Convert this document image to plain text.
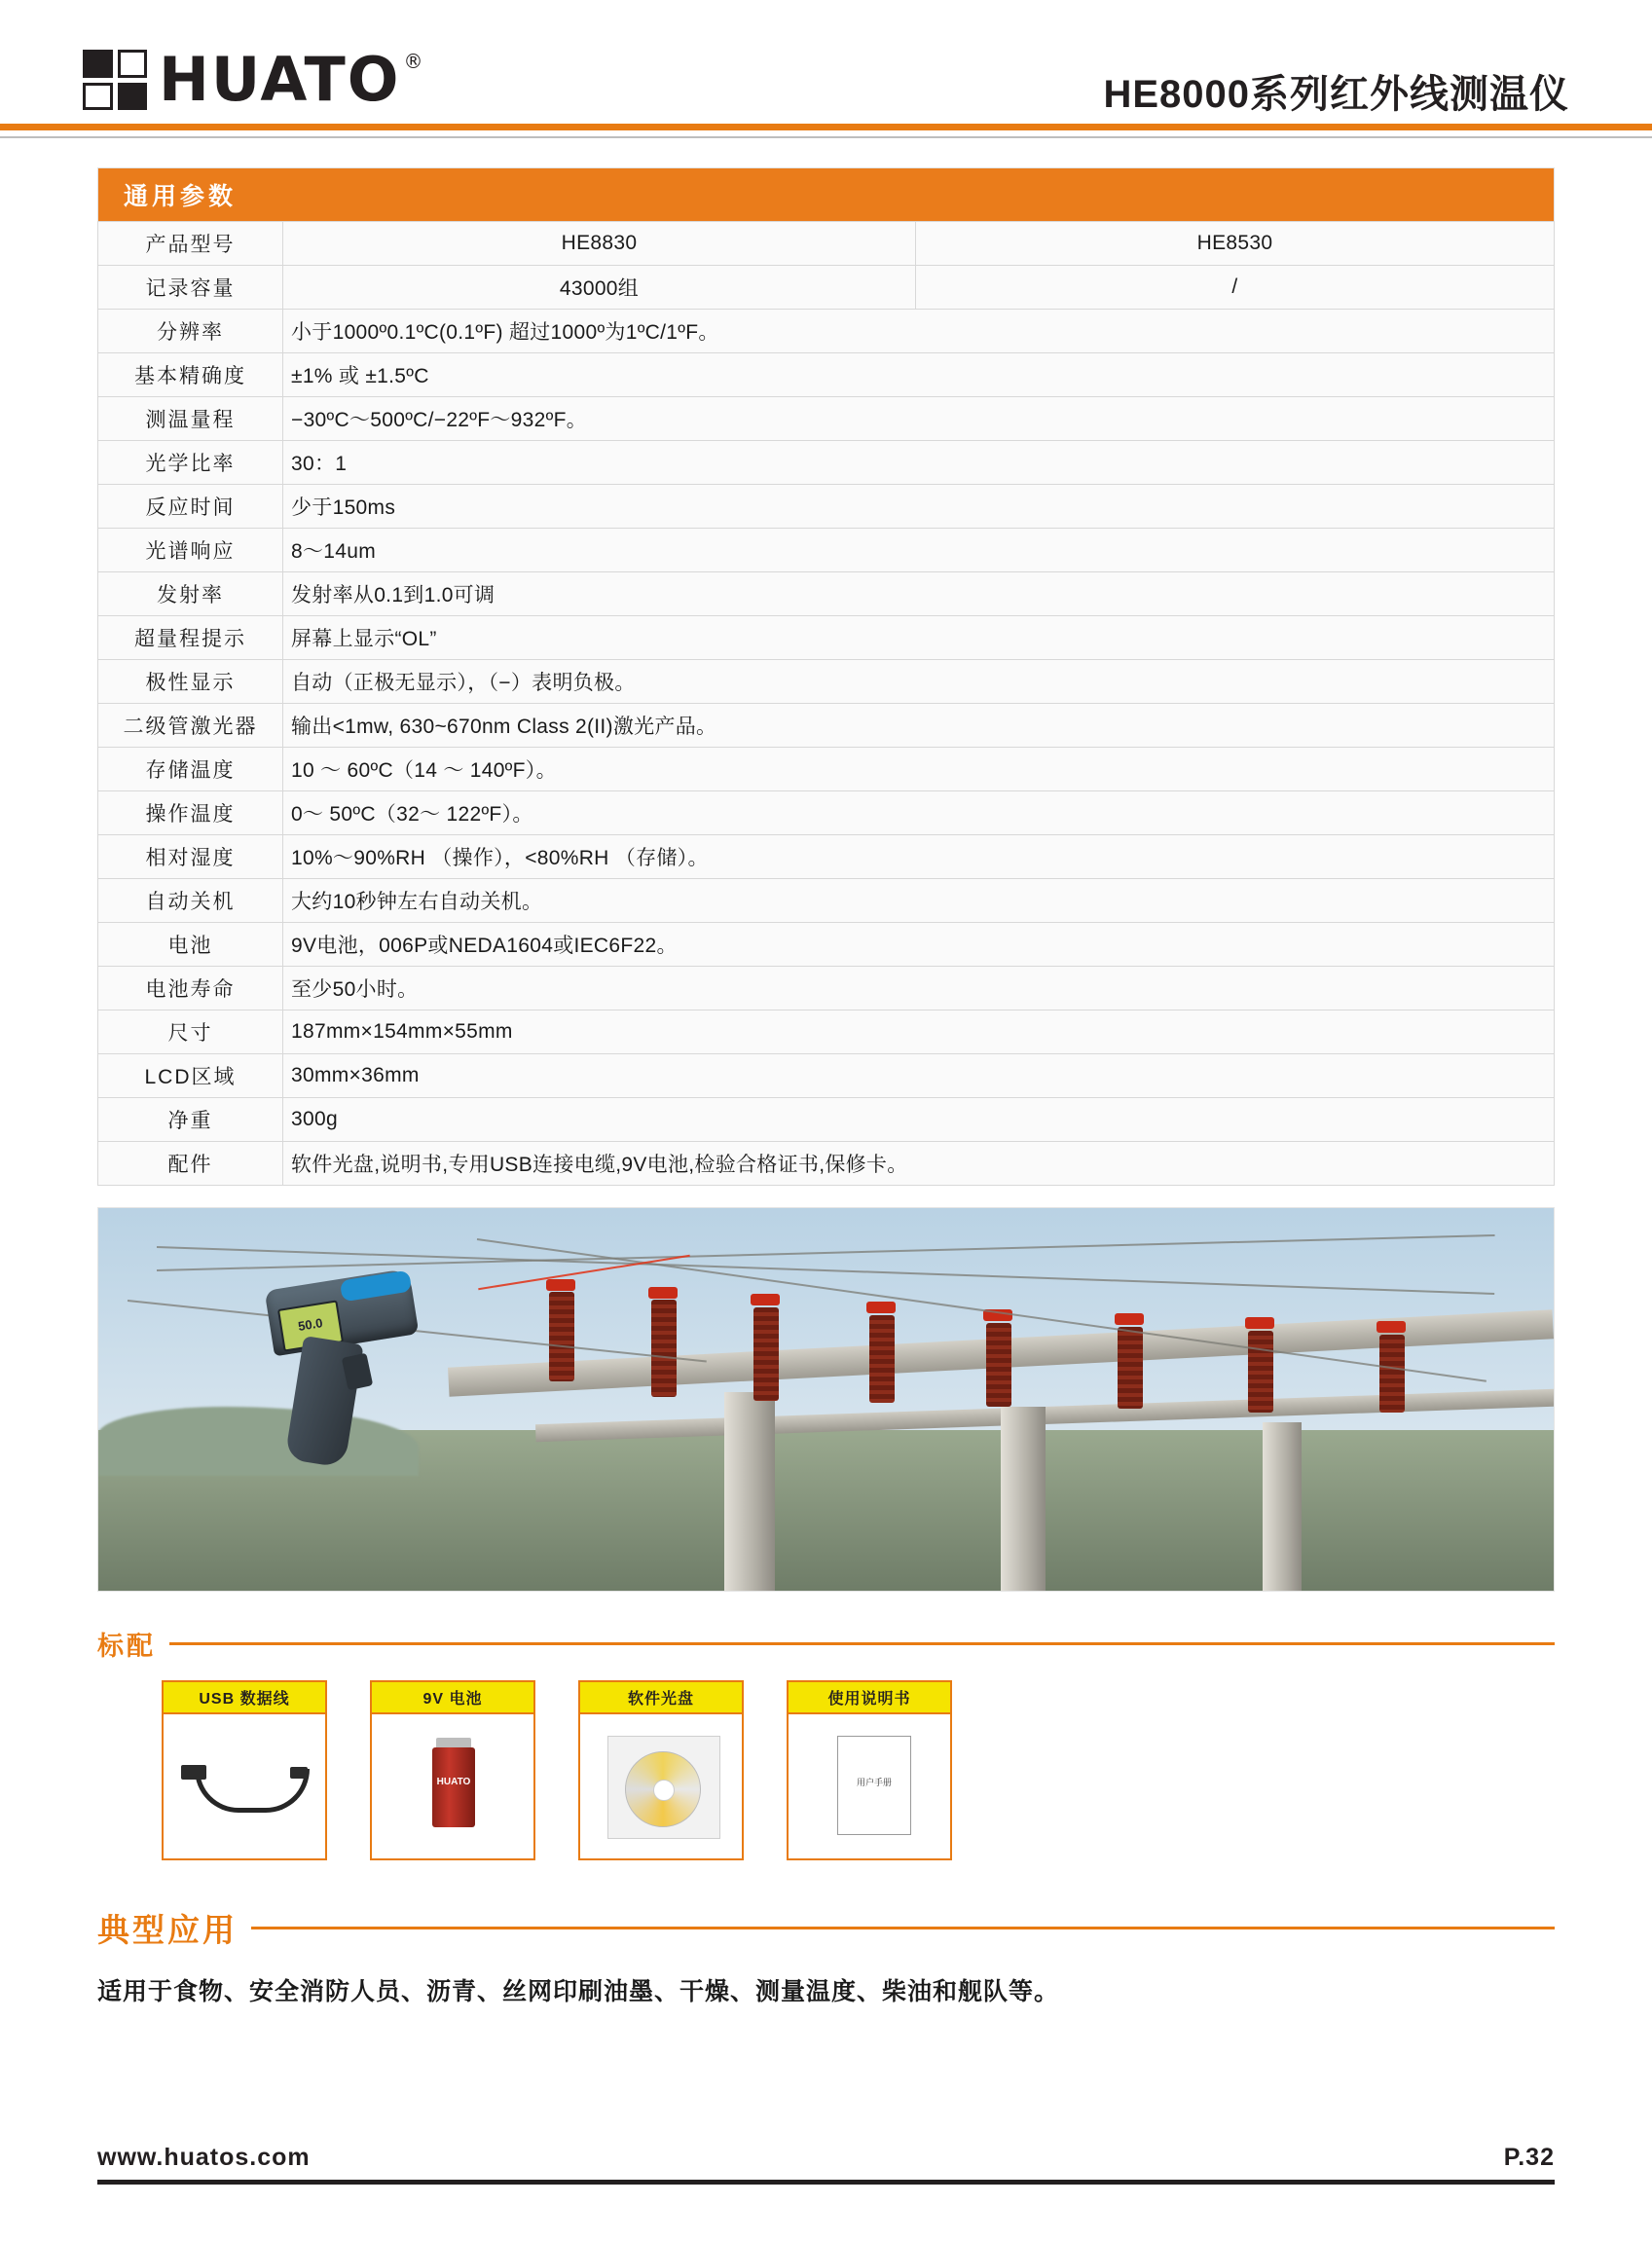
HUATO ®
HE8000系列红外线测温仪
通用参数
产品型号	HE8830	HE8530
记录容量	43000组	/
分辨率	小于1000º0.1ºC(0.1ºF) 超过1000º为1ºC/1ºF。	
基本精确度	±1% 或 ±1.5ºC	
测温量程	−30ºC〜500ºC/−22ºF〜932ºF。	
光学比率	30：1	
反应时间	少于150ms	
光谱响应	8〜14um	
发射率	发射率从0.1到1.0可调	
超量程提示	屏幕上显示“OL”	
极性显示	自动（正极无显示），（−）表明负极。	
二级管激光器	输出<1mw, 630~670nm Class 2(II)激光产品。	
存储温度	10 〜 60ºC（14 〜 140ºF）。	
操作温度	0〜 50ºC（32〜 122ºF）。	
相对湿度	10%〜90%RH （操作），<80%RH （存储）。	
自动关机	大约10秒钟左右自动关机。	
电池	9V电池，006P或NEDA1604或IEC6F22。	
电池寿命	至少50小时。	
尺寸	187mm×154mm×55mm	
LCD区域	30mm×36mm	
净重	300g	
配件	软件光盘,说明书,专用USB连接电缆,9V电池,检验合格证书,保修卡。	
50.0
标配
USB 数据线	9V 电池
HUATO
软件光盘	使用说明书
用户手册
典型应用
适用于食物、安全消防人员、沥青、丝网印刷油墨、干燥、测量温度、柴油和舰队等。
www.huatos.com	P.32
